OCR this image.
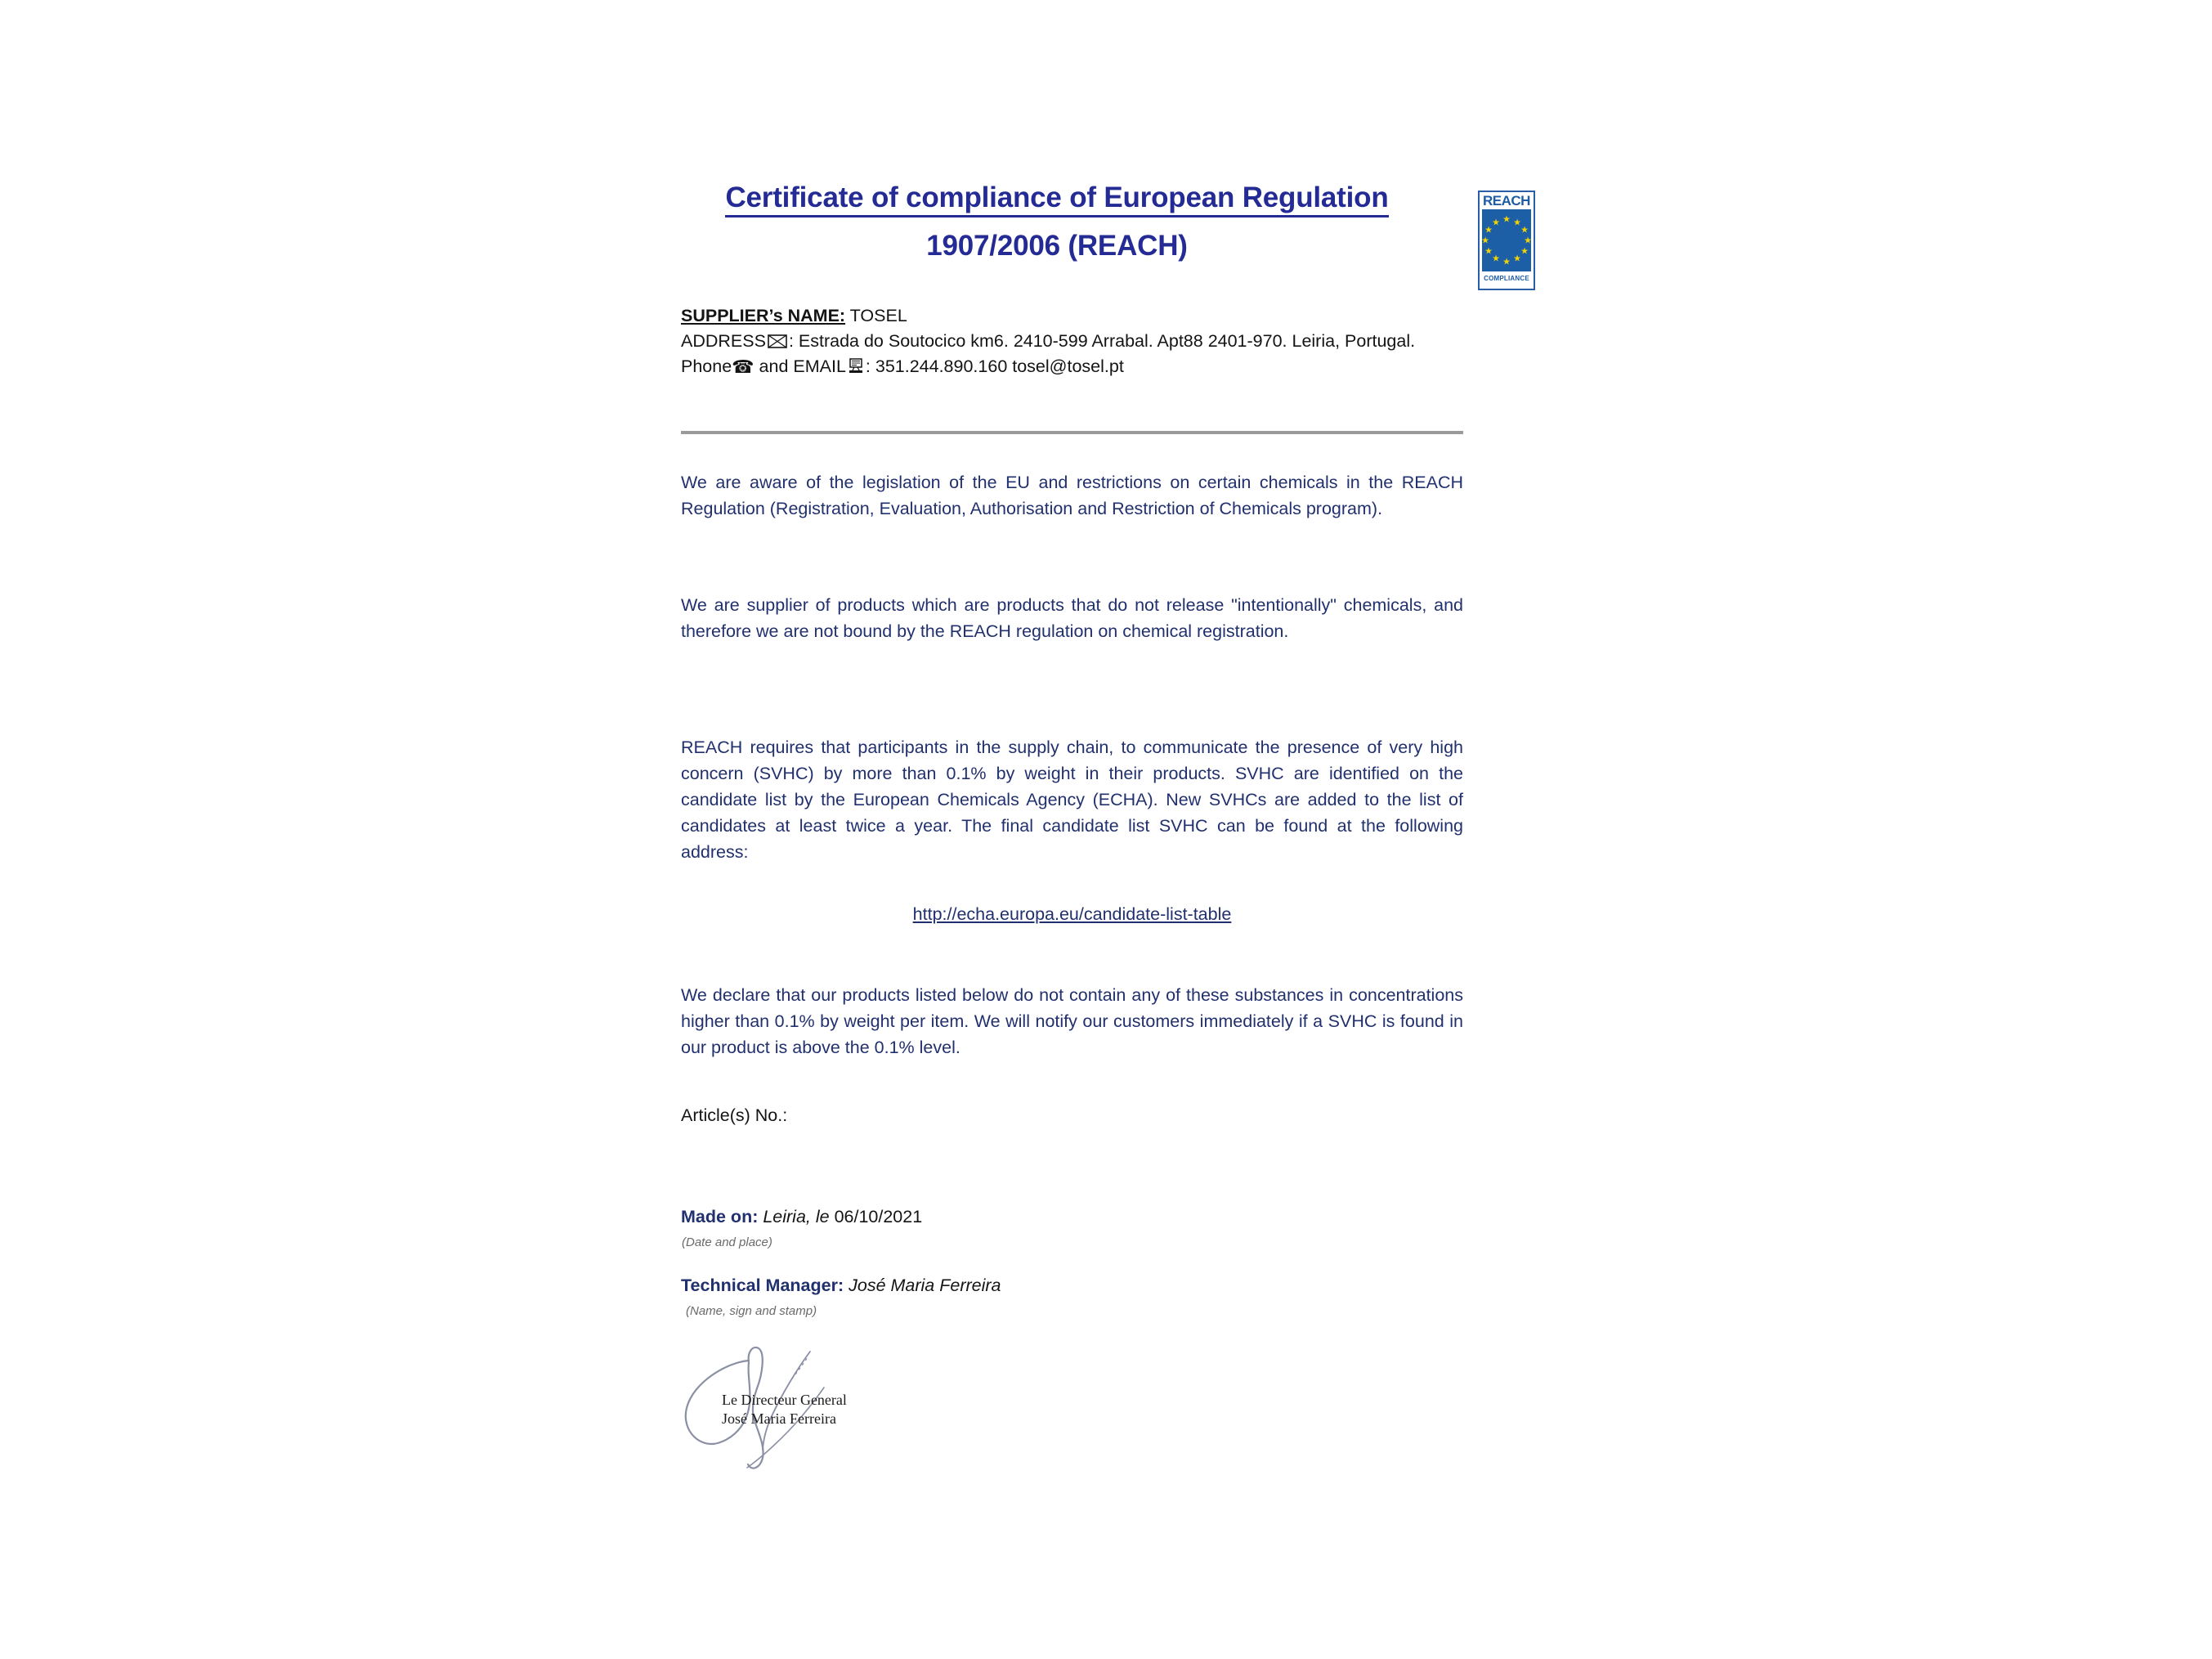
Certificate of compliance of European Regulation
1907/2006 (REACH)
REACH
★
★
★
★
★
★
★
★
★
★
★
★
COMPLIANCE
SUPPLIER’s NAME: TOSEL
ADDRESS : Estrada do Soutocico km6. 2410-599 Arrabal. Apt88 2401-970. Leiria, Portugal.
Phone☎ and EMAIL : 351.244.890.160 tosel@tosel.pt

We are aware of the legislation of the EU and restrictions on certain chemicals in the REACH Regulation (Registration, Evaluation, Authorisation and Restriction of Chemicals program).

We are supplier of products which are products that do not release "intentionally" chemicals, and therefore we are not bound by the REACH regulation on chemical registration.

REACH requires that participants in the supply chain, to communicate the presence of very high concern (SVHC) by more than 0.1% by weight in their products. SVHC are identified on the candidate list by the European Chemicals Agency (ECHA). New SVHCs are added to the list of candidates at least twice a year. The final candidate list SVHC can be found at the following address:

http://echa.europa.eu/candidate-list-table

We declare that our products listed below do not contain any of these substances in concentrations higher than 0.1% by weight per item. We will notify our customers immediately if a SVHC is found in our product is above the 0.1% level.

Article(s) No.:
Made on: Leiria, le 06/10/2021
(Date and place)
Technical Manager: José Maria Ferreira
(Name, sign and stamp)
Le Directeur General
José Maria Ferreira
